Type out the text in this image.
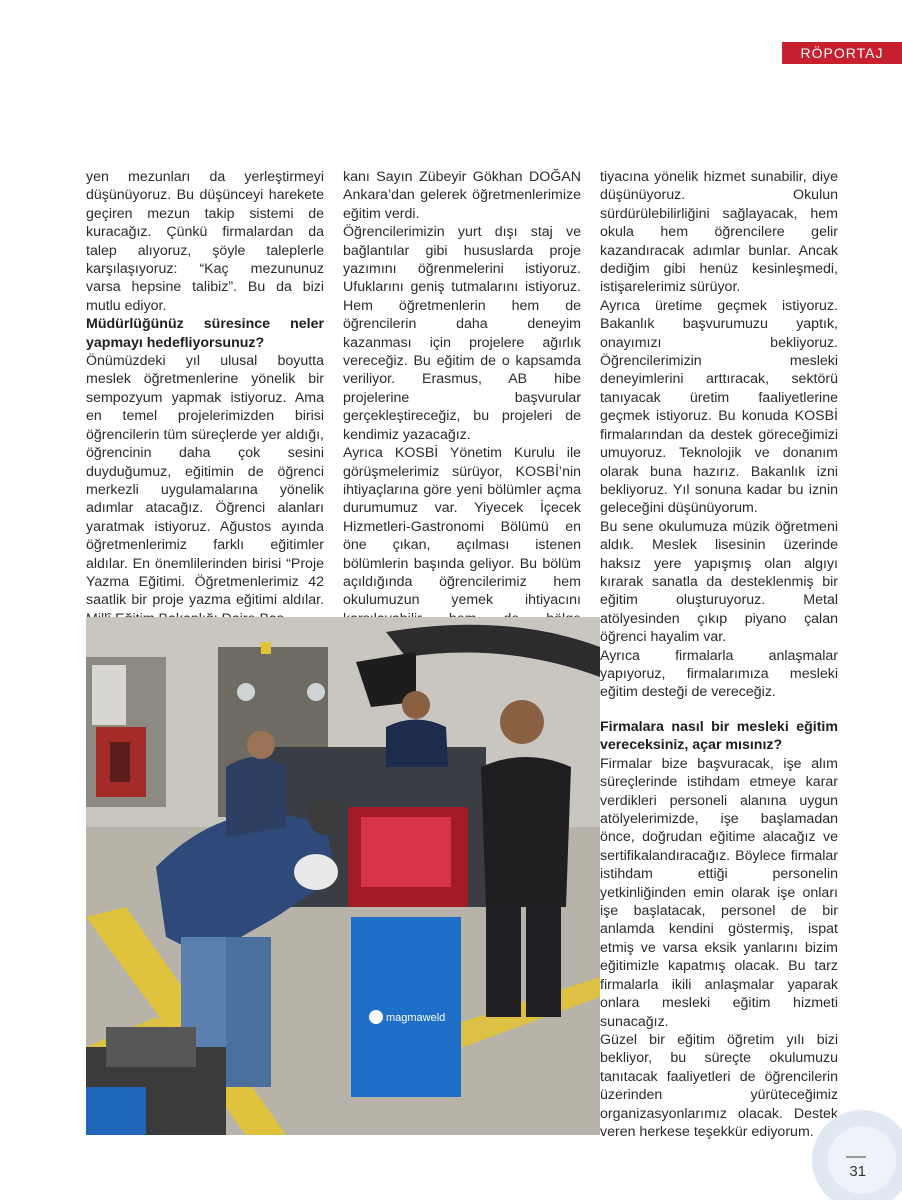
RÖPORTAJ

yen mezunları da yerleştirmeyi düşünüyoruz. Bu düşünceyi harekete geçiren mezun takip sistemi de kuracağız. Çünkü firmalardan da talep alıyoruz, şöyle taleplerle karşılaşıyoruz: “Kaç mezununuz varsa hepsine talibiz”. Bu da bizi mutlu ediyor.

Müdürlüğünüz süresince neler yapmayı hedefliyorsunuz?

Önümüzdeki yıl ulusal boyutta meslek öğretmenlerine yönelik bir sempozyum yapmak istiyoruz. Ama en temel projelerimizden birisi öğrencilerin tüm süreçlerde yer aldığı, öğrencinin daha çok sesini duyduğumuz, eğitimin de öğrenci merkezli uygulamalarına yönelik adımlar atacağız. Öğrenci alanları yaratmak istiyoruz. Ağustos ayında öğretmenlerimiz farklı eğitimler aldılar. En önemlilerinden birisi “Proje Yazma Eğitimi. Öğretmenlerimiz 42 saatlik bir proje yazma eğitimi aldılar.

kanı Sayın Zübeyir Gökhan DOĞAN Ankara’dan gelerek öğretmenlerimize eğitim verdi.

Öğrencilerimizin yurt dışı staj ve bağlantılar gibi hususlarda proje yazımını öğrenmelerini istiyoruz. Ufuklarını geniş tutmalarını istiyoruz. Hem öğretmenlerin hem de öğrencilerin daha deneyim kazanması için projelere ağırlık vereceğiz. Bu eğitim de o kapsamda veriliyor. Erasmus, AB hibe projelerine başvurular gerçekleştireceğiz, bu projeleri de kendimiz yazacağız.

Ayrıca KOSBİ Yönetim Kurulu ile görüşmelerimiz sürüyor, KOSBİ’nin ihtiyaçlarına göre yeni bölümler açma durumumuz var. Yiyecek İçecek Hizmetleri-Gastronomi Bölümü en öne çıkan, açılması istenen bölümlerin başında geliyor. Bu bölüm açıldığında öğrencilerimiz hem okulumuzun yemek ihtiyacını

tiyacına yönelik hizmet sunabilir, diye düşünüyoruz. Okulun sürdürülebilirliğini sağlayacak, hem okula hem öğrencilere gelir kazandıracak adımlar bunlar. Ancak dediğim gibi henüz kesinleşmedi, istişarelerimiz sürüyor.

Ayrıca üretime geçmek istiyoruz. Bakanlık başvurumuzu yaptık, onayımızı bekliyoruz. Öğrencilerimizin mesleki deneyimlerini arttıracak, sektörü tanıyacak üretim faaliyetlerine geçmek istiyoruz. Bu konuda KOSBİ firmalarından da destek göreceğimizi umuyoruz. Teknolojik ve donanım olarak buna hazırız. Bakanlık izni bekliyoruz. Yıl sonuna kadar bu iznin geleceğini düşünüyorum.

Bu sene okulumuza müzik öğretmeni aldık. Meslek lisesinin üzerinde haksız yere yapışmış olan algıyı kırarak sanatla da desteklenmiş bir eğitim oluşturuyoruz. Metal atölyesinden çıkıp piyano çalan öğrenci hayalim var.

Ayrıca firmalarla anlaşmalar yapıyoruz, firmalarımıza mesleki eğitim desteği de vereceğiz.

Firmalara nasıl bir mesleki eğitim vereceksiniz, açar mısınız?

Firmalar bize başvuracak, işe alım süreçlerinde istihdam etmeye karar verdikleri personeli alanına uygun atölyelerimizde, işe başlamadan önce, doğrudan eğitime alacağız ve sertifikalandıracağız. Böylece firmalar istihdam ettiği personelin yetkinliğinden emin olarak işe onları işe başlatacak, personel de bir anlamda kendini göstermiş, ispat etmiş ve varsa eksik yanlarını bizim eğitimizle kapatmış olacak. Bu tarz firmalarla ikili anlaşmalar yaparak onlara mesleki eğitim hizmeti sunacağız.

Güzel bir eğitim öğretim yılı bizi bekliyor, bu süreçte okulumuzu tanıtacak faaliyetleri de öğrencilerin üzerinden yürüteceğimiz organizasyonlarımız olacak. Destek veren herkese teşekkür ediyorum.

magmaweld
31
